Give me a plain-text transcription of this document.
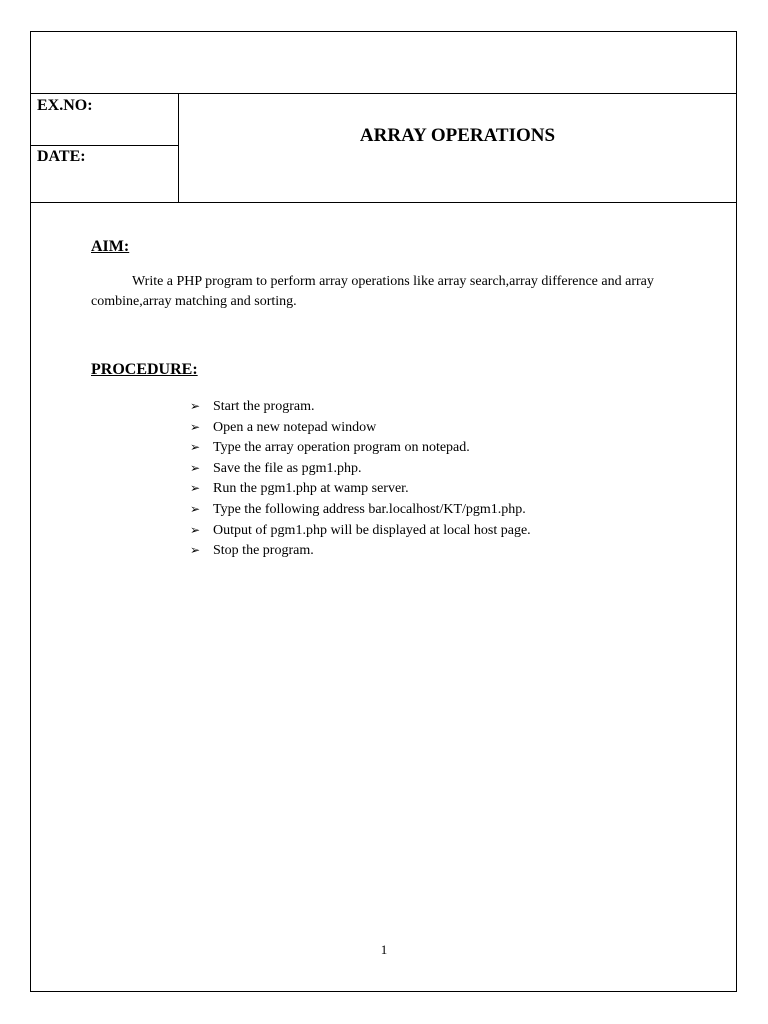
EX.NO:
DATE:
ARRAY OPERATIONS
AIM:
Write a PHP program to perform array operations like array search,array difference and array combine,array matching and sorting.
PROCEDURE:
➢ Start the program.
➢ Open a new notepad window
➢ Type the array operation program on notepad.
➢ Save the file as pgm1.php.
➢ Run the pgm1.php at wamp server.
➢ Type the following address bar.localhost/KT/pgm1.php.
➢ Output of pgm1.php will be displayed at local host page.
➢ Stop the program.
1
